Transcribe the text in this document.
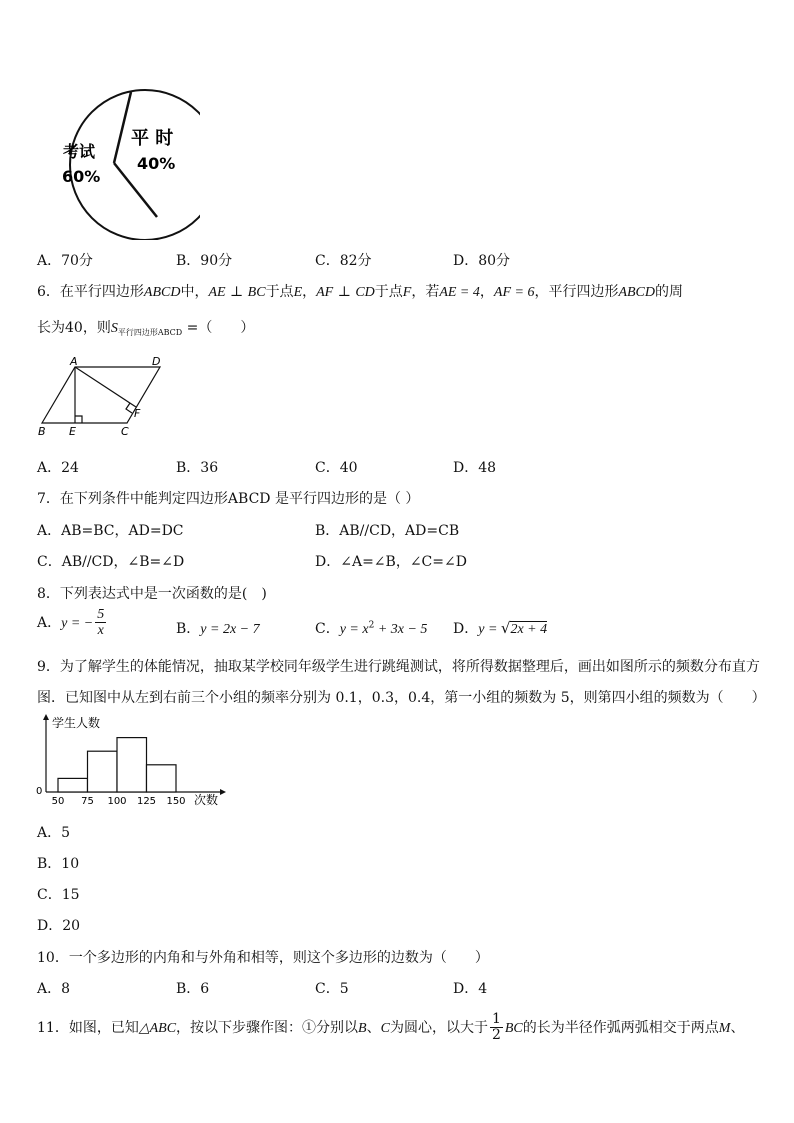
考试
60%
平 时
40%
A．70分	B．90分	C．82分	D．80分
6．在平行四边形ABCD中，AE ⊥ BC于点E，AF ⊥ CD于点F，若AE = 4，AF = 6，平行四边形ABCD的周
长为40，则$S_{平行四边形ABCD}$ =（　　）
A	D
B E	C
F
A．24	B．36	C．40	D．48
7．在下列条件中能判定四边形ABCD 是平行四边形的是（ ）
A．AB=BC，AD=DC	B．AB//CD，AD=CB
C．AB//CD，∠B=∠D	D．∠A=∠B，∠C=∠D
8．下列表达式中是一次函数的是(　)
A．y = − $\frac{5}{x}$	B．y = 2x − 7	C．$y = x^2 + 3x - 5$ D．y = √2x + 4
9．为了解学生的体能情况，抽取某学校同年级学生进行跳绳测试，将所得数据整理后，画出如图所示的频数分布直方
图．已知图中从左到右前三个小组的频率分别为 0.1，0.3，0.4，第一小组的频数为 5，则第四小组的频数为（　　）
50 75 100 125 150
学生人数
次数
0
A．5
B．10
C．15
D．20
10．一个多边形的内角和与外角和相等，则这个多边形的边数为（　　）
A．8	B．6	C．5	D．4
11．如图，已知△ABC，按以下步骤作图：①分别以B、C为圆心，以大于 $\frac{1}{2}$ BC的长为半径作弧两弧相交于两点M、
